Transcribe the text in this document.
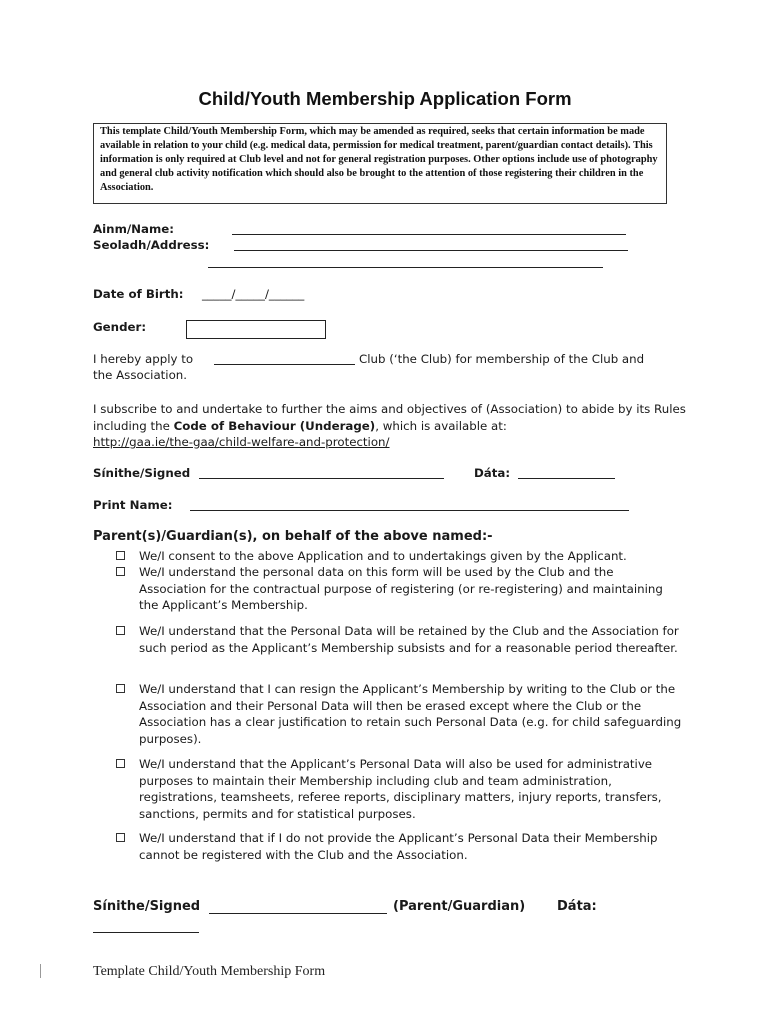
Child/Youth Membership Application Form
This template Child/Youth Membership Form, which may be amended as required, seeks that certain information be made available in relation to your child (e.g. medical data, permission for medical treatment, parent/guardian contact details). This information is only required at Club level and not for general registration purposes. Other options include use of photography and general club activity notification which should also be brought to the attention of those registering their children in the Association.
Ainm/Name:
Seoladh/Address:
Date of Birth: _____/_____/______
Gender:
I hereby apply to	Club (‘the Club) for membership of the Club and
the Association.
I subscribe to and undertake to further the aims and objectives of (Association) to abide by its Rules including the Code of Behaviour (Underage), which is available at:
http://gaa.ie/the-gaa/child-welfare-and-protection/
Sínithe/Signed	Dáta:
Print Name:
Parent(s)/Guardian(s), on behalf of the above named:-
We/I consent to the above Application and to undertakings given by the Applicant.
We/I understand the personal data on this form will be used by the Club and the Association for the contractual purpose of registering (or re-registering) and maintaining the Applicant’s Membership.
We/I understand that the Personal Data will be retained by the Club and the Association for such period as the Applicant’s Membership subsists and for a reasonable period thereafter.
We/I understand that I can resign the Applicant’s Membership by writing to the Club or the Association and their Personal Data will then be erased except where the Club or the Association has a clear justification to retain such Personal Data (e.g. for child safeguarding purposes).
We/I understand that the Applicant’s Personal Data will also be used for administrative purposes to maintain their Membership including club and team administration, registrations, teamsheets, referee reports, disciplinary matters, injury reports, transfers, sanctions, permits and for statistical purposes.
We/I understand that if I do not provide the Applicant’s Personal Data their Membership cannot be registered with the Club and the Association.
Sínithe/Signed	(Parent/Guardian) Dáta:
Template Child/Youth Membership Form
